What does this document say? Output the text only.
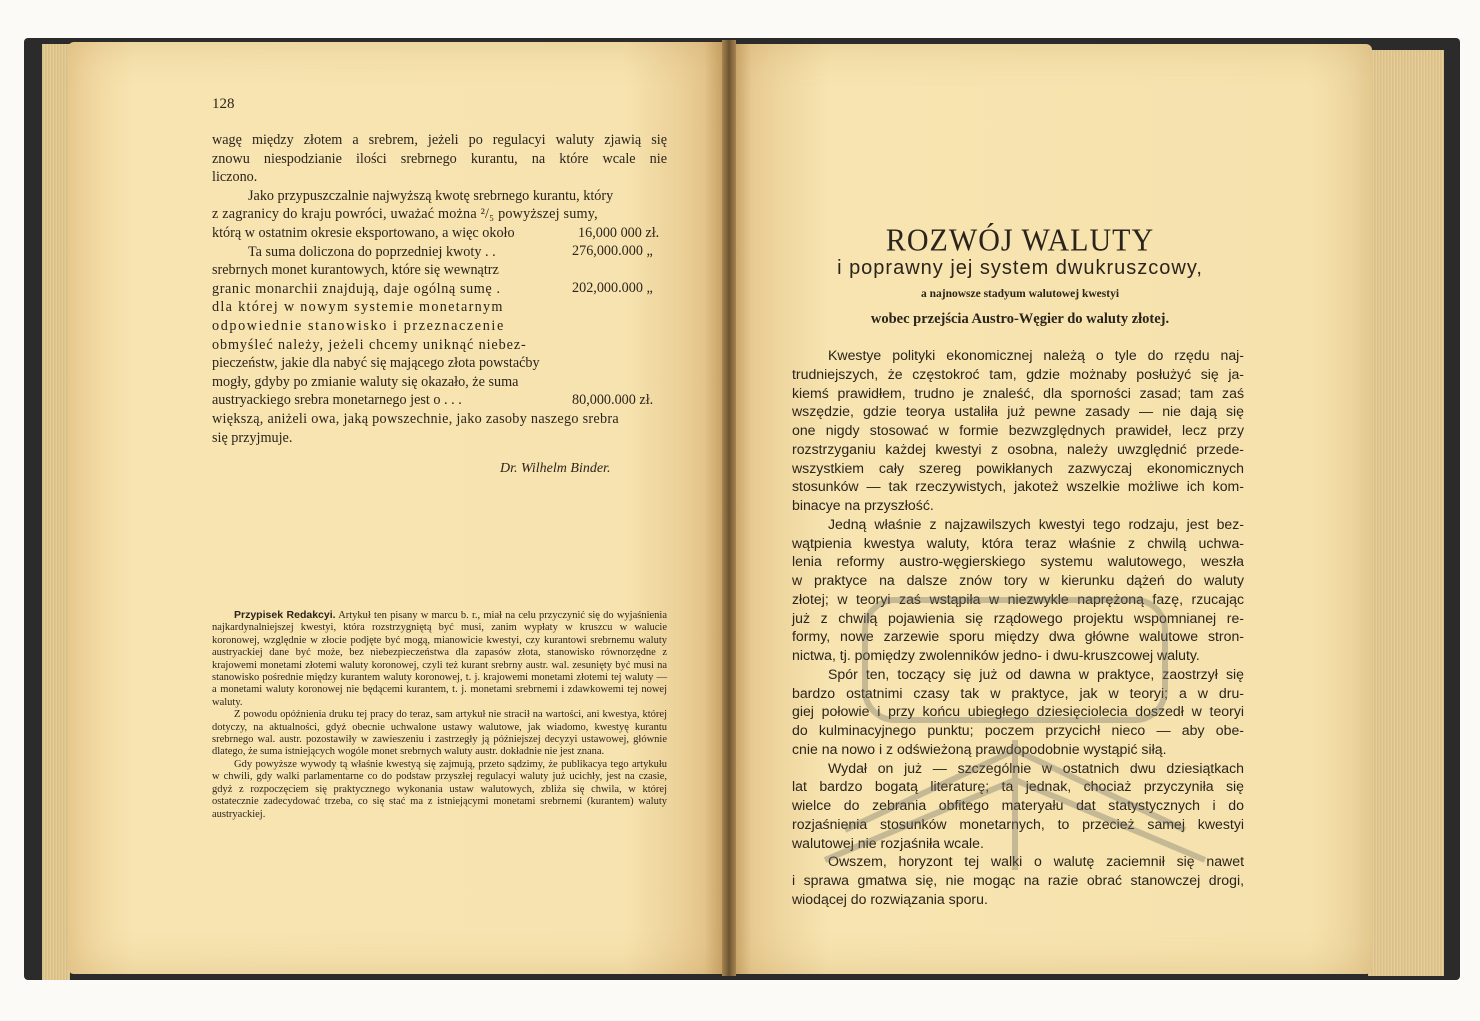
128
wagę między złotem a srebrem, jeżeli po regulacyi waluty zjawią się
znowu niespodzianie ilości srebrnego kurantu, na które wcale nie
liczono.
Jako przypuszczalnie najwyższą kwotę srebrnego kurantu, który
z zagranicy do kraju powróci, uważać można ²/₅ powyższej sumy,
którą w ostatnim okresie eksportowano, a więc około
Ta suma doliczona do poprzedniej kwoty . .
srebrnych monet kurantowych, które się wewnątrz
granic monarchii znajdują, daje ogólną sumę .
dla której w nowym systemie monetarnym
odpowiednie stanowisko i przeznaczenie
obmyśleć należy, jeżeli chcemy uniknąć niebez-
pieczeństw, jakie dla nabyć się mającego złota powstaćby
mogły, gdyby po zmianie waluty się okazało, że suma
austryackiego srebra monetarnego jest o . . .
większą, aniżeli owa, jaką powszechnie, jako zasoby naszego srebra
się przyjmuje.
16,000 000 zł.
276,000.000 „
202,000.000 „
80,000.000 zł.
Dr. Wilhelm Binder.

Przypisek Redakcyi. Artykuł ten pisany w marcu b. r., miał na celu przyczynić się do wyjaśnienia najkardynalniejszej kwestyi, która rozstrzygniętą być musi, zanim wypłaty w kruszcu w walucie koronowej, względnie w złocie podjęte być mogą, mianowicie kwestyi, czy kurantowi srebrnemu waluty austryackiej dane być może, bez niebezpieczeństwa dla zapasów złota, stanowisko równorzędne z krajowemi monetami złotemi waluty koronowej, czyli też kurant srebrny austr. wal. zesunięty być musi na stanowisko pośrednie między kurantem waluty koronowej, t. j. krajowemi monetami złotemi tej waluty — a monetami waluty koronowej nie będącemi kurantem, t. j. monetami srebrnemi i zdawkowemi tej nowej waluty.

Z powodu opóźnienia druku tej pracy do teraz, sam artykuł nie stracił na wartości, ani kwestya, której dotyczy, na aktualności, gdyż obecnie uchwalone ustawy walutowe, jak wiadomo, kwestyę kurantu srebrnego wal. austr. pozostawiły w zawieszeniu i zastrzegły ją późniejszej decyzyi ustawowej, głównie dlatego, że suma istniejących wogóle monet srebrnych waluty austr. dokładnie nie jest znana.

Gdy powyższe wywody tą właśnie kwestyą się zajmują, przeto sądzimy, że publikacya tego artykułu w chwili, gdy walki parlamentarne co do podstaw przyszłej regulacyi waluty już ucichły, jest na czasie, gdyż z rozpoczęciem się praktycznego wykonania ustaw walutowych, zbliża się chwila, w której ostatecznie zadecydować trzeba, co się stać ma z istniejącymi monetami srebrnemi (kurantem) waluty austryackiej.

ROZWÓJ WALUTY
i poprawny jej system dwukruszcowy,
a najnowsze stadyum walutowej kwestyi
wobec przejścia Austro-Węgier do waluty złotej.
Kwestye polityki ekonomicznej należą o tyle do rzędu naj-
trudniejszych, że częstokroć tam, gdzie możnaby posłużyć się ja-
kiemś prawidłem, trudno je znaleść, dla sporności zasad; tam zaś
wszędzie, gdzie teorya ustaliła już pewne zasady — nie dają się
one nigdy stosować w formie bezwzględnych prawideł, lecz przy
rozstrzyganiu każdej kwestyi z osobna, należy uwzględnić przede-
wszystkiem cały szereg powikłanych zazwyczaj ekonomicznych
stosunków — tak rzeczywistych, jakoteż wszelkie możliwe ich kom-
binacye na przyszłość.
Jedną właśnie z najzawilszych kwestyi tego rodzaju, jest bez-
wątpienia kwestya waluty, która teraz właśnie z chwilą uchwa-
lenia reformy austro-węgierskiego systemu walutowego, weszła
w praktyce na dalsze znów tory w kierunku dążeń do waluty
złotej; w teoryi zaś wstąpiła w niezwykle naprężoną fazę, rzucając
już z chwilą pojawienia się rządowego projektu wspomnianej re-
formy, nowe zarzewie sporu między dwa główne walutowe stron-
nictwa, tj. pomiędzy zwolenników jedno- i dwu-kruszcowej waluty.
Spór ten, toczący się już od dawna w praktyce, zaostrzył się
bardzo ostatnimi czasy tak w praktyce, jak w teoryi; a w dru-
giej połowie i przy końcu ubiegłego dziesięciolecia doszedł w teoryi
do kulminacyjnego punktu; poczem przycichł nieco — aby obe-
cnie na nowo i z odświeżoną prawdopodobnie wystąpić siłą.
Wydał on już — szczególnie w ostatnich dwu dziesiątkach
lat bardzo bogatą literaturę; ta jednak, chociaż przyczyniła się
wielce do zebrania obfitego materyału dat statystycznych i do
rozjaśnienia stosunków monetarnych, to przecież samej kwestyi
walutowej nie rozjaśniła wcale.
Owszem, horyzont tej walki o walutę zaciemnił się nawet
i sprawa gmatwa się, nie mogąc na razie obrać stanowczej drogi,
wiodącej do rozwiązania sporu.
